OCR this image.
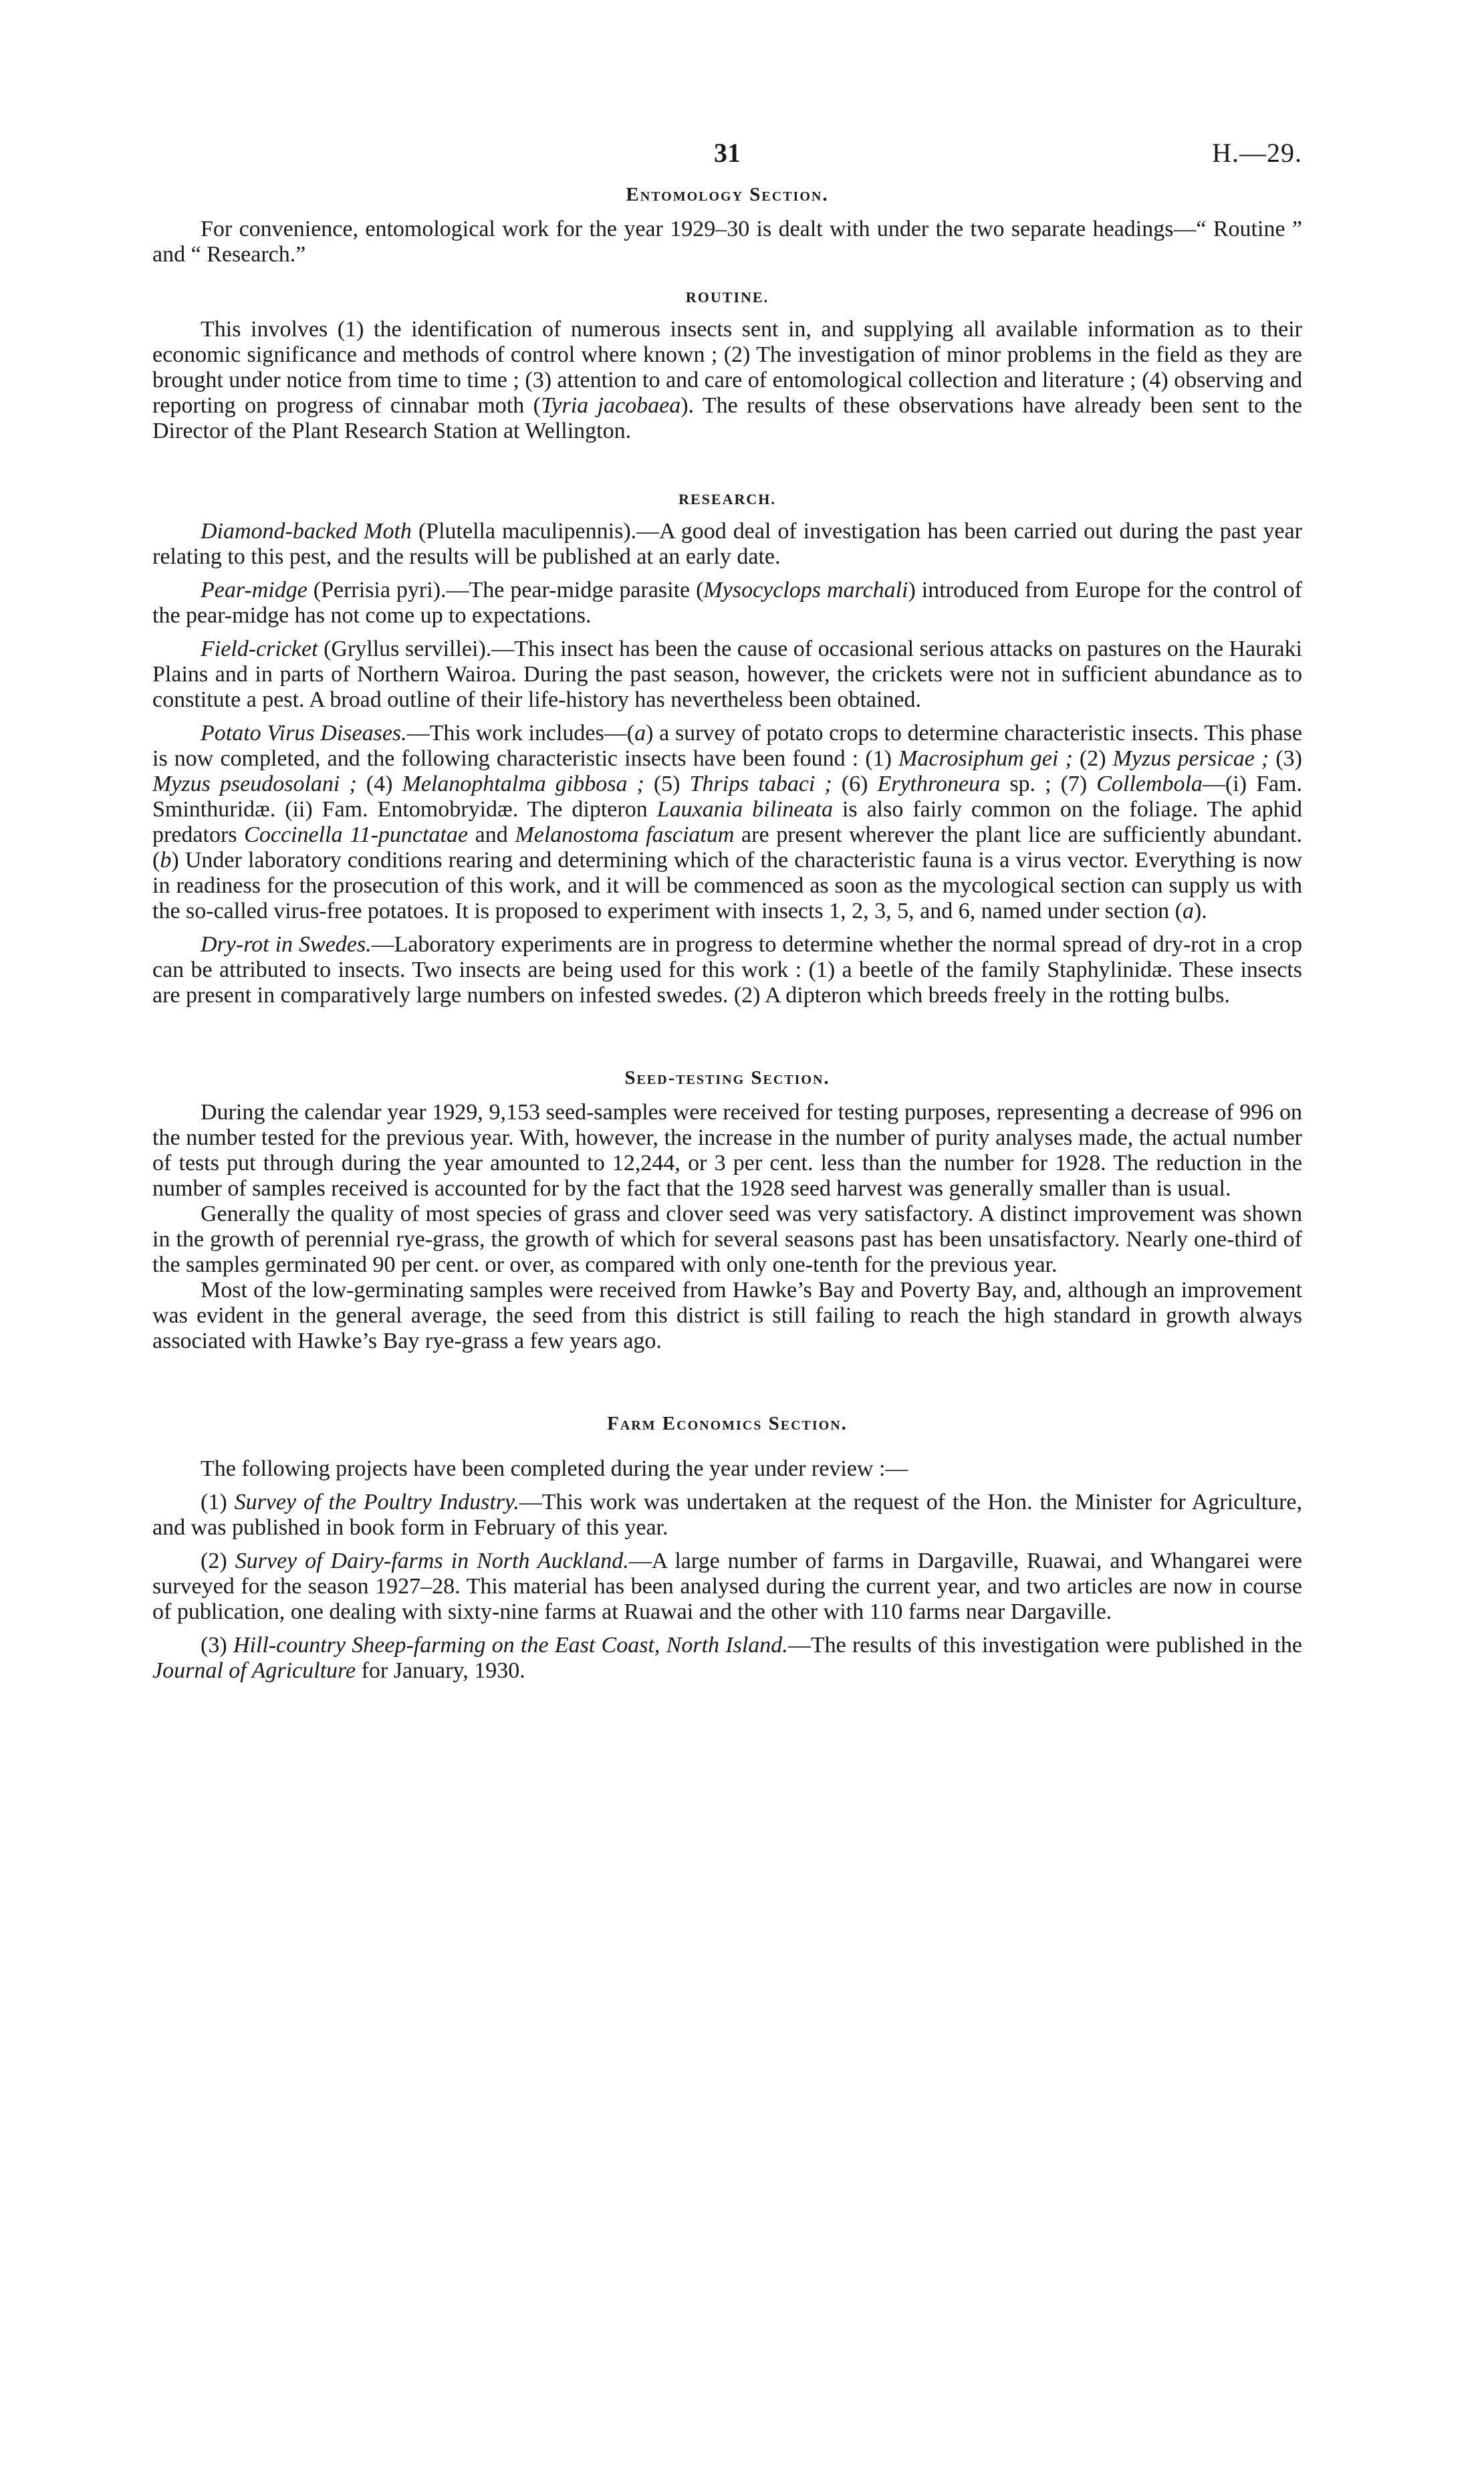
31	H.—29.
Entomology Section.

For convenience, entomological work for the year 1929–30 is dealt with under the two separate headings—“ Routine ” and “ Research.”

ROUTINE.

This involves (1) the identification of numerous insects sent in, and supplying all available information as to their economic significance and methods of control where known ; (2) The investigation of minor problems in the field as they are brought under notice from time to time ; (3) attention to and care of entomological collection and literature ; (4) observing and reporting on progress of cinnabar moth (Tyria jacobaea). The results of these observations have already been sent to the Director of the Plant Research Station at Wellington.

RESEARCH.

Diamond-backed Moth (Plutella maculipennis).—A good deal of investigation has been carried out during the past year relating to this pest, and the results will be published at an early date.

Pear-midge (Perrisia pyri).—The pear-midge parasite (Mysocyclops marchali) introduced from Europe for the control of the pear-midge has not come up to expectations.

Field-cricket (Gryllus servillei).—This insect has been the cause of occasional serious attacks on pastures on the Hauraki Plains and in parts of Northern Wairoa. During the past season, however, the crickets were not in sufficient abundance as to constitute a pest. A broad outline of their life-history has nevertheless been obtained.

Potato Virus Diseases.—This work includes—(a) a survey of potato crops to determine characteristic insects. This phase is now completed, and the following characteristic insects have been found : (1) Macrosiphum gei ; (2) Myzus persicae ; (3) Myzus pseudosolani ; (4) Melanophtalma gibbosa ; (5) Thrips tabaci ; (6) Erythroneura sp. ; (7) Collembola—(i) Fam. Sminthuridæ. (ii) Fam. Entomobryidæ. The dipteron Lauxania bilineata is also fairly common on the foliage. The aphid predators Coccinella 11-punctatae and Melanostoma fasciatum are present wherever the plant lice are sufficiently abundant. (b) Under laboratory conditions rearing and determining which of the characteristic fauna is a virus vector. Everything is now in readiness for the prosecution of this work, and it will be commenced as soon as the mycological section can supply us with the so-called virus-free potatoes. It is proposed to experiment with insects 1, 2, 3, 5, and 6, named under section (a).

Dry-rot in Swedes.—Laboratory experiments are in progress to determine whether the normal spread of dry-rot in a crop can be attributed to insects. Two insects are being used for this work : (1) a beetle of the family Staphylinidæ. These insects are present in comparatively large numbers on infested swedes. (2) A dipteron which breeds freely in the rotting bulbs.

Seed-testing Section.

During the calendar year 1929, 9,153 seed-samples were received for testing purposes, representing a decrease of 996 on the number tested for the previous year. With, however, the increase in the number of purity analyses made, the actual number of tests put through during the year amounted to 12,244, or 3 per cent. less than the number for 1928. The reduction in the number of samples received is accounted for by the fact that the 1928 seed harvest was generally smaller than is usual.

Generally the quality of most species of grass and clover seed was very satisfactory. A distinct improvement was shown in the growth of perennial rye-grass, the growth of which for several seasons past has been unsatisfactory. Nearly one-third of the samples germinated 90 per cent. or over, as compared with only one-tenth for the previous year.

Most of the low-germinating samples were received from Hawke’s Bay and Poverty Bay, and, although an improvement was evident in the general average, the seed from this district is still failing to reach the high standard in growth always associated with Hawke’s Bay rye-grass a few years ago.

Farm Economics Section.

The following projects have been completed during the year under review :—

(1) Survey of the Poultry Industry.—This work was undertaken at the request of the Hon. the Minister for Agriculture, and was published in book form in February of this year.

(2) Survey of Dairy-farms in North Auckland.—A large number of farms in Dargaville, Ruawai, and Whangarei were surveyed for the season 1927–28. This material has been analysed during the current year, and two articles are now in course of publication, one dealing with sixty-nine farms at Ruawai and the other with 110 farms near Dargaville.

(3) Hill-country Sheep-farming on the East Coast, North Island.—The results of this investigation were published in the Journal of Agriculture for January, 1930.
